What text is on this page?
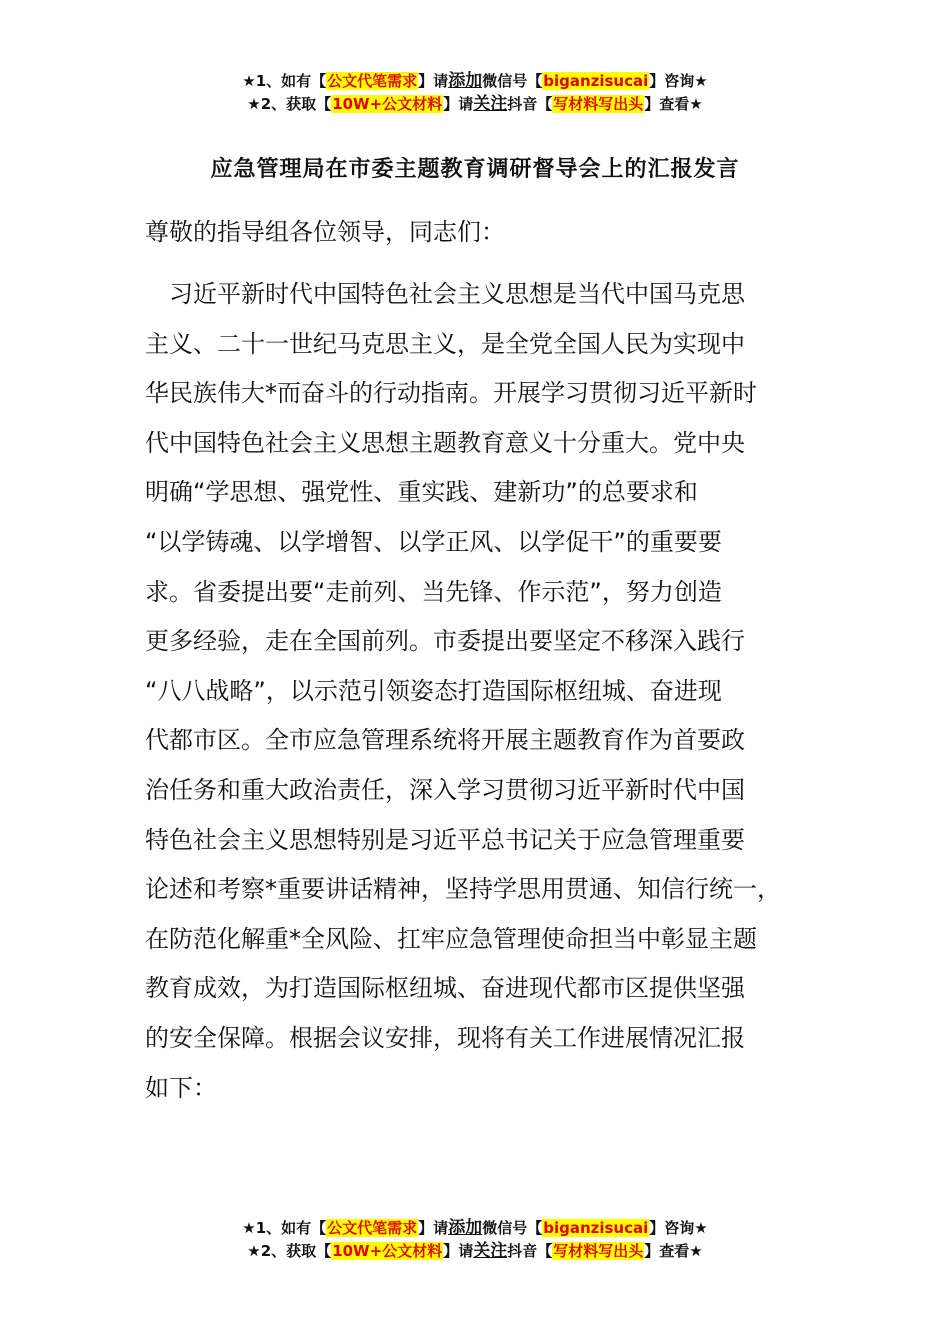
★1、如有【公文代笔需求】请添加微信号【biganzisucai】咨询★
★2、获取【10W+公文材料】请关注抖音【写材料写出头】查看★
应急管理局在市委主题教育调研督导会上的汇报发言
尊敬的指导组各位领导，同志们：
　习近平新时代中国特色社会主义思想是当代中国马克思
主义、二十一世纪马克思主义，是全党全国人民为实现中
华民族伟大*而奋斗的行动指南。开展学习贯彻习近平新时
代中国特色社会主义思想主题教育意义十分重大。党中央
明确“学思想、强党性、重实践、建新功”的总要求和
“以学铸魂、以学增智、以学正风、以学促干”的重要要
求。省委提出要“走前列、当先锋、作示范”，努力创造
更多经验，走在全国前列。市委提出要坚定不移深入践行
“八八战略”，以示范引领姿态打造国际枢纽城、奋进现
代都市区。全市应急管理系统将开展主题教育作为首要政
治任务和重大政治责任，深入学习贯彻习近平新时代中国
特色社会主义思想特别是习近平总书记关于应急管理重要
论述和考察*重要讲话精神，坚持学思用贯通、知信行统一，
在防范化解重*全风险、扛牢应急管理使命担当中彰显主题
教育成效，为打造国际枢纽城、奋进现代都市区提供坚强
的安全保障。根据会议安排，现将有关工作进展情况汇报
如下：
★1、如有【公文代笔需求】请添加微信号【biganzisucai】咨询★
★2、获取【10W+公文材料】请关注抖音【写材料写出头】查看★
